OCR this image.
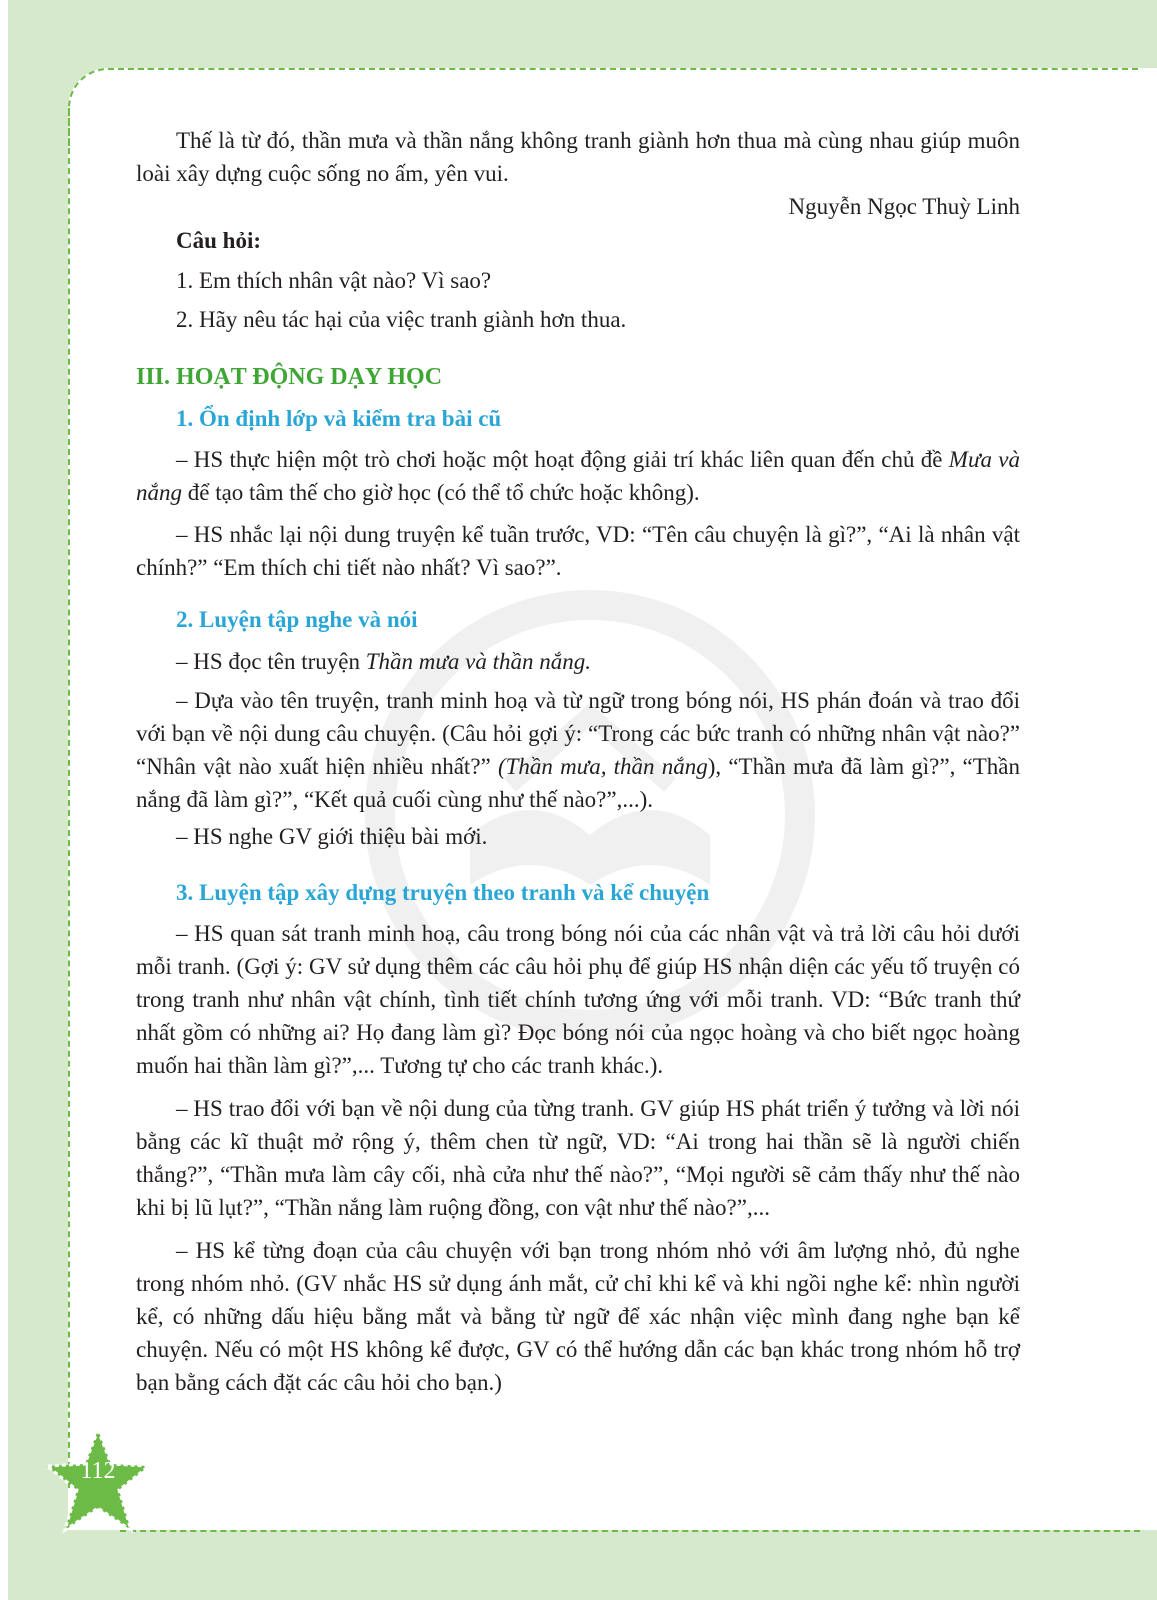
Thế là từ đó, thần mưa và thần nắng không tranh giành hơn thua mà cùng nhau giúp muôn loài xây dựng cuộc sống no ấm, yên vui.

Nguyễn Ngọc Thuỳ Linh
Câu hỏi:
1. Em thích nhân vật nào? Vì sao?
2. Hãy nêu tác hại của việc tranh giành hơn thua.
III. HOẠT ĐỘNG DẠY HỌC
1. Ổn định lớp và kiểm tra bài cũ

– HS thực hiện một trò chơi hoặc một hoạt động giải trí khác liên quan đến chủ đề Mưa và nắng để tạo tâm thế cho giờ học (có thể tổ chức hoặc không).

– HS nhắc lại nội dung truyện kể tuần trước, VD: “Tên câu chuyện là gì?”, “Ai là nhân vật chính?” “Em thích chi tiết nào nhất? Vì sao?”.

2. Luyện tập nghe và nói

– HS đọc tên truyện Thần mưa và thần nắng.

– Dựa vào tên truyện, tranh minh hoạ và từ ngữ trong bóng nói, HS phán đoán và trao đổi với bạn về nội dung câu chuyện. (Câu hỏi gợi ý: “Trong các bức tranh có những nhân vật nào?” “Nhân vật nào xuất hiện nhiều nhất?” (Thần mưa, thần nắng), “Thần mưa đã làm gì?”, “Thần nắng đã làm gì?”, “Kết quả cuối cùng như thế nào?”,...).

– HS nghe GV giới thiệu bài mới.

3. Luyện tập xây dựng truyện theo tranh và kể chuyện

– HS quan sát tranh minh hoạ, câu trong bóng nói của các nhân vật và trả lời câu hỏi dưới mỗi tranh. (Gợi ý: GV sử dụng thêm các câu hỏi phụ để giúp HS nhận diện các yếu tố truyện có trong tranh như nhân vật chính, tình tiết chính tương ứng với mỗi tranh. VD: “Bức tranh thứ nhất gồm có những ai? Họ đang làm gì? Đọc bóng nói của ngọc hoàng và cho biết ngọc hoàng muốn hai thần làm gì?”,... Tương tự cho các tranh khác.).

– HS trao đổi với bạn về nội dung của từng tranh. GV giúp HS phát triển ý tưởng và lời nói bằng các kĩ thuật mở rộng ý, thêm chen từ ngữ, VD: “Ai trong hai thần sẽ là người chiến thắng?”, “Thần mưa làm cây cối, nhà cửa như thế nào?”, “Mọi người sẽ cảm thấy như thế nào khi bị lũ lụt?”, “Thần nắng làm ruộng đồng, con vật như thế nào?”,...

– HS kể từng đoạn của câu chuyện với bạn trong nhóm nhỏ với âm lượng nhỏ, đủ nghe trong nhóm nhỏ. (GV nhắc HS sử dụng ánh mắt, cử chỉ khi kể và khi ngồi nghe kể: nhìn người kể, có những dấu hiệu bằng mắt và bằng từ ngữ để xác nhận việc mình đang nghe bạn kể chuyện. Nếu có một HS không kể được, GV có thể hướng dẫn các bạn khác trong nhóm hỗ trợ bạn bằng cách đặt các câu hỏi cho bạn.)

112
